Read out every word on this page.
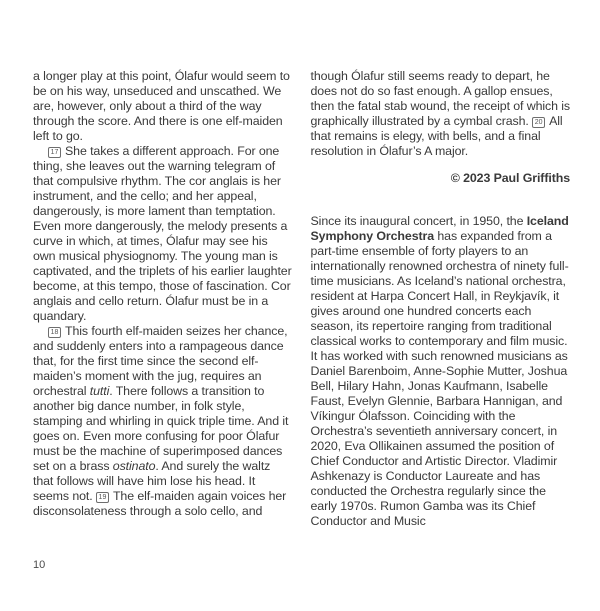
a longer play at this point, Ólafur would seem to be on his way, unseduced and unscathed. We are, however, only about a third of the way through the score. And there is one elf-maiden left to go.

17 She takes a different approach. For one thing, she leaves out the warning telegram of that compulsive rhythm. The cor anglais is her instrument, and the cello; and her appeal, dangerously, is more lament than temptation. Even more dangerously, the melody presents a curve in which, at times, Ólafur may see his own musical physiognomy. The young man is captivated, and the triplets of his earlier laughter become, at this tempo, those of fascination. Cor anglais and cello return. Ólafur must be in a quandary.

18 This fourth elf-maiden seizes her chance, and suddenly enters into a rampageous dance that, for the first time since the second elf-maiden’s moment with the jug, requires an orchestral tutti. There follows a transition to another big dance number, in folk style, stamping and whirling in quick triple time. And it goes on. Even more confusing for poor Ólafur must be the machine of superimposed dances set on a brass ostinato. And surely the waltz that follows will have him lose his head. It seems not. 19 The elf-maiden again voices her disconsolateness through a solo cello, and

though Ólafur still seems ready to depart, he does not do so fast enough. A gallop ensues, then the fatal stab wound, the receipt of which is graphically illustrated by a cymbal crash. 20 All that remains is elegy, with bells, and a final resolution in Ólafur’s A major.

© 2023 Paul Griffiths

Since its inaugural concert, in 1950, the Iceland Symphony Orchestra has expanded from a part-time ensemble of forty players to an internationally renowned orchestra of ninety full-time musicians. As Iceland’s national orchestra, resident at Harpa Concert Hall, in Reykjavík, it gives around one hundred concerts each season, its repertoire ranging from traditional classical works to contemporary and film music. It has worked with such renowned musicians as Daniel Barenboim, Anne-Sophie Mutter, Joshua Bell, Hilary Hahn, Jonas Kaufmann, Isabelle Faust, Evelyn Glennie, Barbara Hannigan, and Víkingur Ólafsson. Coinciding with the Orchestra’s seventieth anniversary concert, in 2020, Eva Ollikainen assumed the position of Chief Conductor and Artistic Director. Vladimir Ashkenazy is Conductor Laureate and has conducted the Orchestra regularly since the early 1970s. Rumon Gamba was its Chief Conductor and Music

10
